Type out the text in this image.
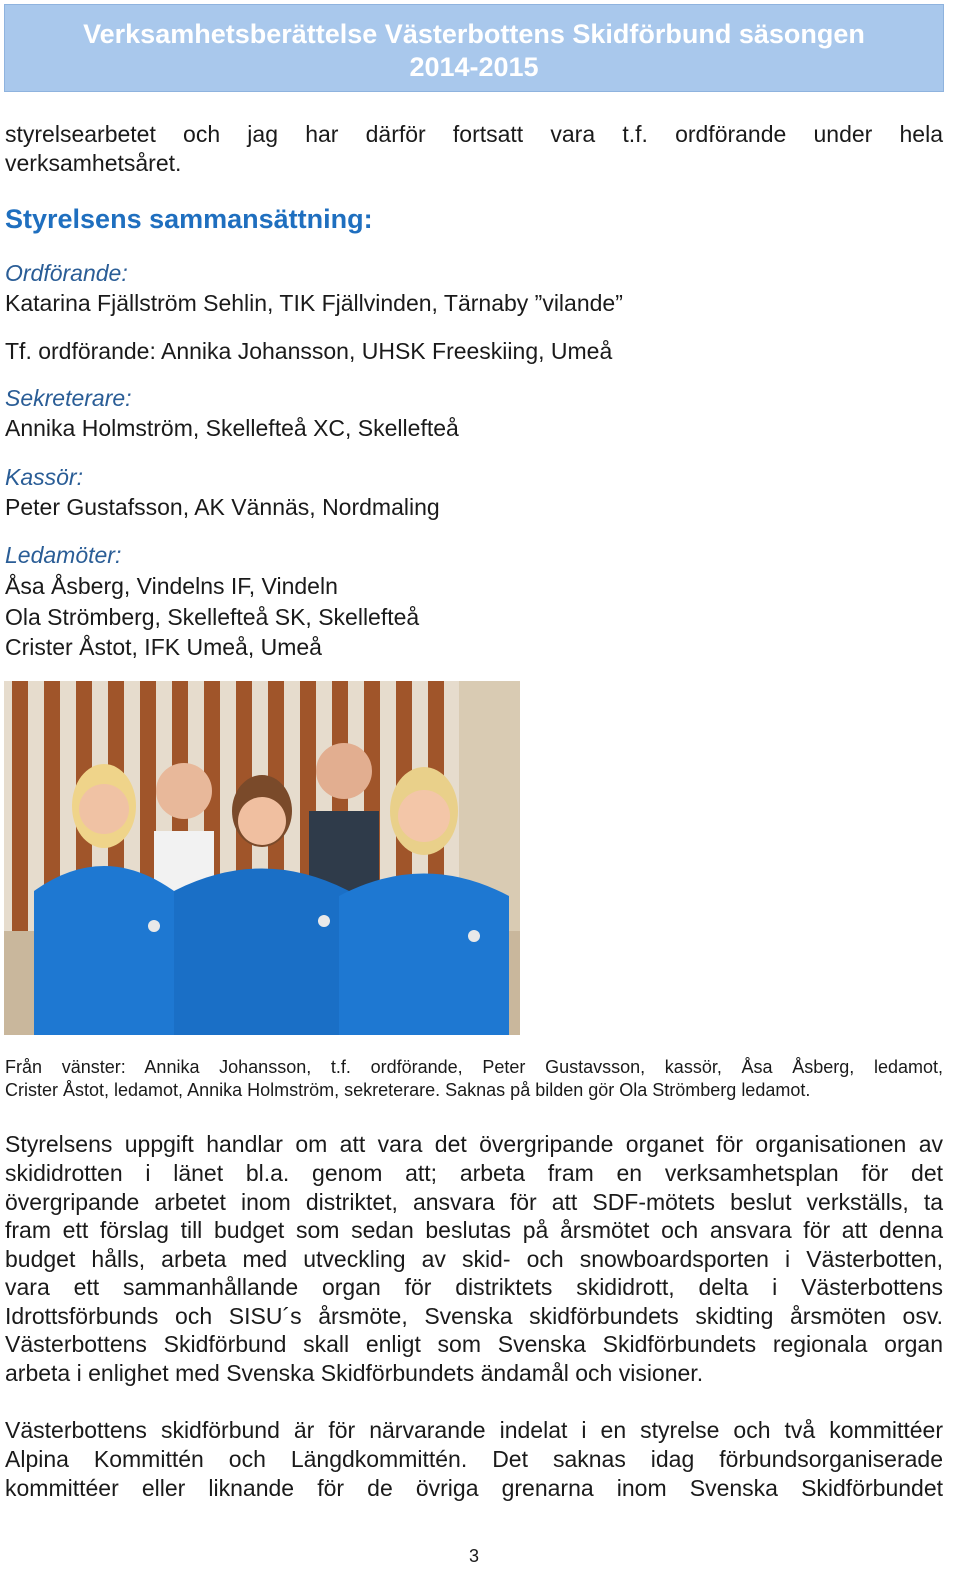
Verksamhetsberättelse Västerbottens Skidförbund säsongen
2014-2015
styrelsearbetet och jag har därför fortsatt vara t.f. ordförande under hela
verksamhetsåret.
Styrelsens sammansättning:
Ordförande:
Katarina Fjällström Sehlin, TIK Fjällvinden, Tärnaby ”vilande”
Tf. ordförande: Annika Johansson, UHSK Freeskiing, Umeå
Sekreterare:
Annika Holmström, Skellefteå XC, Skellefteå
Kassör:
Peter Gustafsson, AK Vännäs, Nordmaling
Ledamöter:
Åsa Åsberg, Vindelns IF, Vindeln
Ola Strömberg, Skellefteå SK, Skellefteå
Crister Åstot, IFK Umeå, Umeå
Från vänster: Annika Johansson, t.f. ordförande, Peter Gustavsson, kassör, Åsa Åsberg, ledamot,
Crister Åstot, ledamot, Annika Holmström, sekreterare. Saknas på bilden gör Ola Strömberg ledamot.
Styrelsens uppgift handlar om att vara det övergripande organet för organisationen av
skididrotten i länet bl.a. genom att; arbeta fram en verksamhetsplan för det
övergripande arbetet inom distriktet, ansvara för att SDF-mötets beslut verkställs, ta
fram ett förslag till budget som sedan beslutas på årsmötet och ansvara för att denna
budget hålls, arbeta med utveckling av skid- och snowboardsporten i Västerbotten,
vara ett sammanhållande organ för distriktets skididrott, delta i Västerbottens
Idrottsförbunds och SISU´s årsmöte, Svenska skidförbundets skidting årsmöten osv.
Västerbottens Skidförbund skall enligt som Svenska Skidförbundets regionala organ
arbeta i enlighet med Svenska Skidförbundets ändamål och visioner.
Västerbottens skidförbund är för närvarande indelat i en styrelse och två kommittéer
Alpina Kommittén och Längdkommittén. Det saknas idag förbundsorganiserade
kommittéer eller liknande för de övriga grenarna inom Svenska Skidförbundet
3
